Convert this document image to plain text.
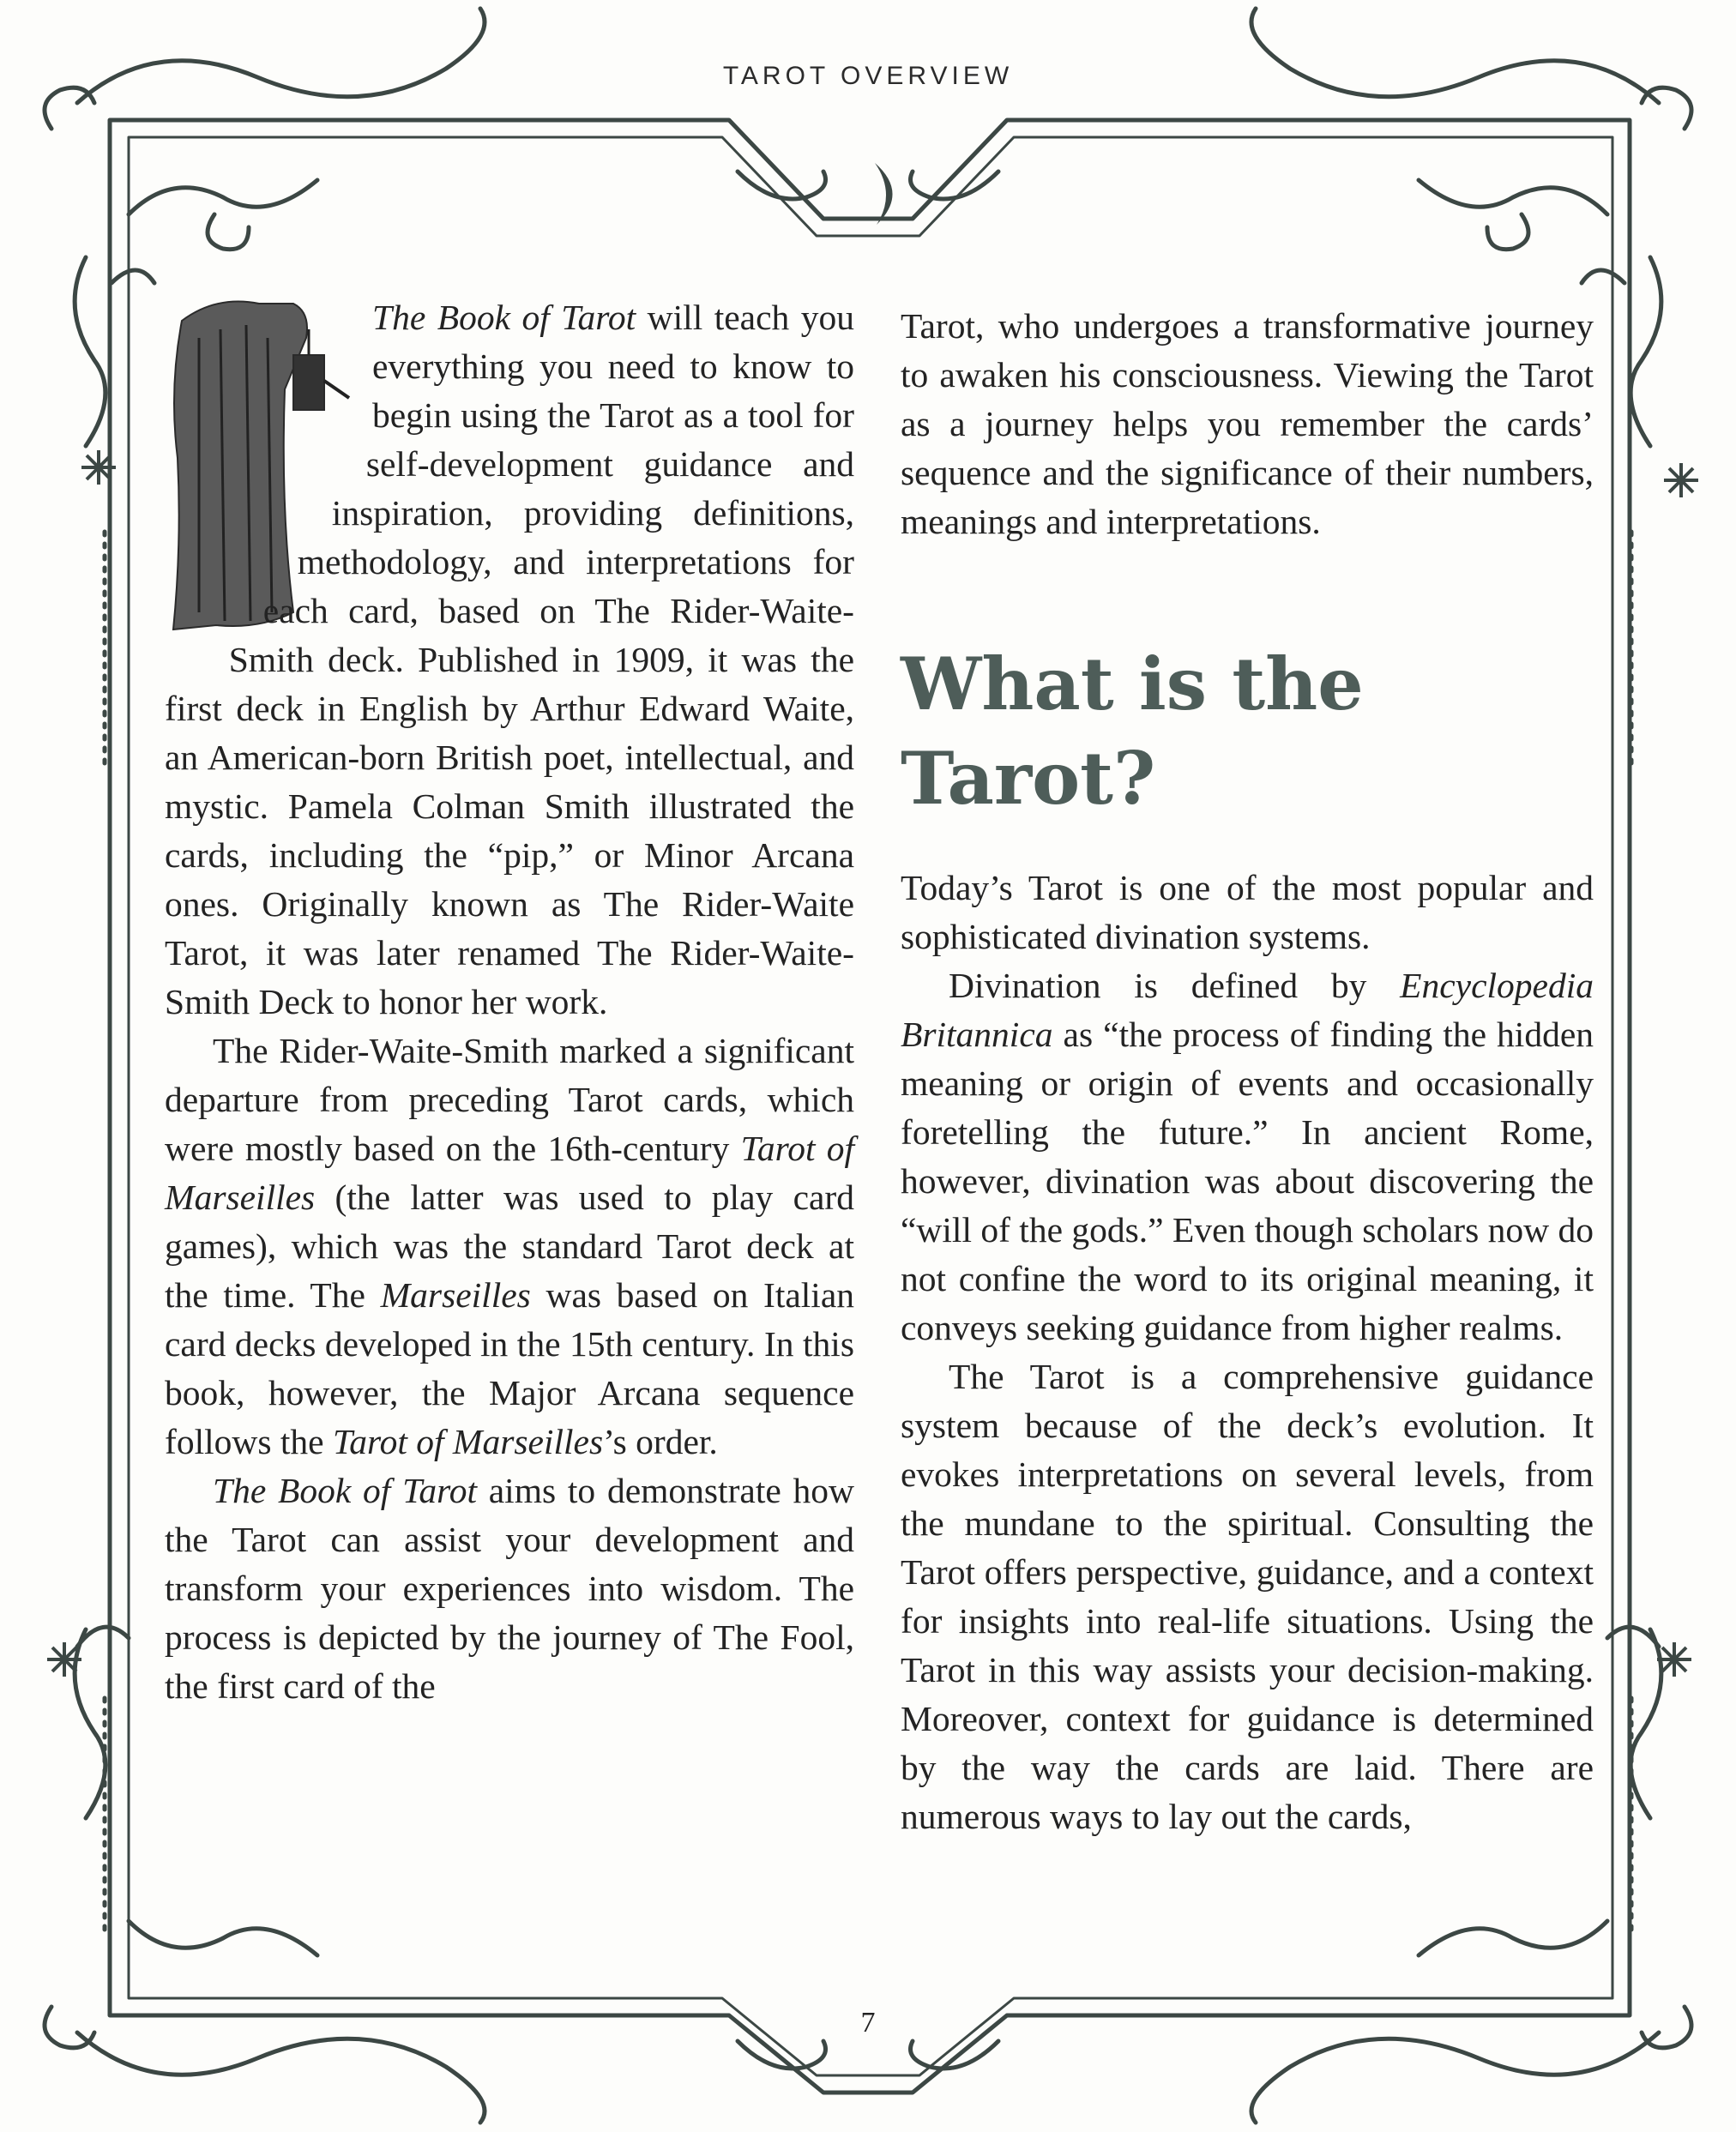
TAROT OVERVIEW

The Book of Tarot will teach you everything you need to know to begin using the Tarot as a tool for self-development guidance and inspiration, providing definitions, methodology, and interpretations for each card, based on The Rider-Waite-Smith deck. Published in 1909, it was the first deck in English by Arthur Edward Waite, an American-born British poet, intellectual, and mystic. Pamela Colman Smith illustrated the cards, including the “pip,” or Minor Arcana ones. Originally known as The Rider-Waite Tarot, it was later renamed The Rider-Waite-Smith Deck to honor her work.

The Rider-Waite-Smith marked a significant departure from preceding Tarot cards, which were mostly based on the 16th-century Tarot of Marseilles (the latter was used to play card games), which was the standard Tarot deck at the time. The Marseilles was based on Italian card decks developed in the 15th century. In this book, however, the Major Arcana sequence follows the Tarot of Marseilles’s order.

The Book of Tarot aims to demonstrate how the Tarot can assist your development and transform your experiences into wisdom. The process is depicted by the journey of The Fool, the first card of the

Tarot, who undergoes a transformative journey to awaken his consciousness. Viewing the Tarot as a journey helps you remember the cards’ sequence and the significance of their numbers, meanings and interpretations.

What is the Tarot?

Today’s Tarot is one of the most popular and sophisticated divination systems.

Divination is defined by Encyclopedia Britannica as “the process of finding the hidden meaning or origin of events and occasionally foretelling the future.” In ancient Rome, however, divination was about discovering the “will of the gods.” Even though scholars now do not confine the word to its original meaning, it conveys seeking guidance from higher realms.

The Tarot is a comprehensive guidance system because of the deck’s evolution. It evokes interpretations on several levels, from the mundane to the spiritual. Consulting the Tarot offers perspective, guidance, and a context for insights into real-life situations. Using the Tarot in this way assists your decision-making. Moreover, context for guidance is determined by the way the cards are laid. There are numerous ways to lay out the cards,

7
